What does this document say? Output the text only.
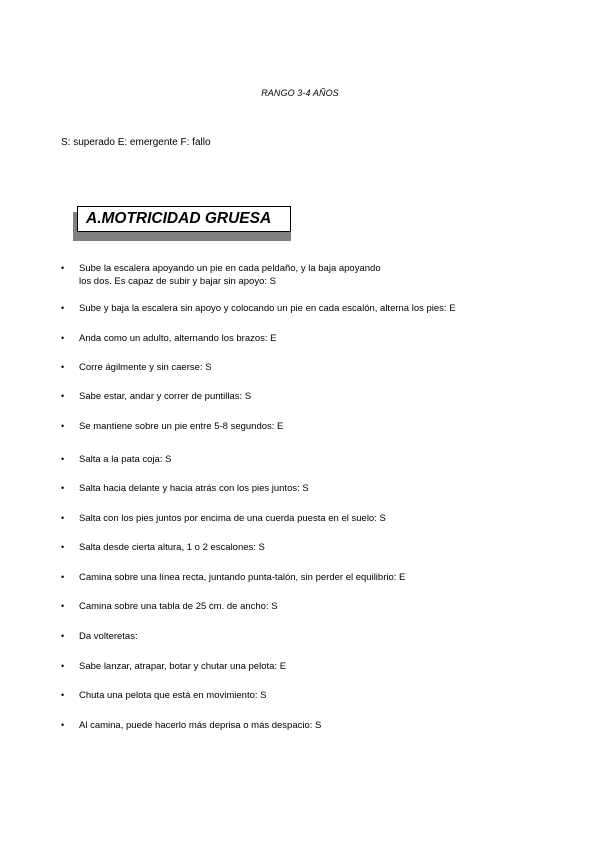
RANGO 3-4 AÑOS
S: superado E: emergente F: fallo
A.MOTRICIDAD GRUESA
• Sube la escalera apoyando un pie en cada peldaño, y la baja apoyando
los dos. Es capaz de subir y bajar sin apoyo: S
• Sube y baja la escalera sin apoyo y colocando un pie en cada escalón, alterna los pies: E
• Anda como un adulto, alternando los brazos: E
• Corre ágilmente y sin caerse: S
• Sabe estar, andar y correr de puntillas: S
• Se mantiene sobre un pie entre 5-8 segundos: E
• Salta a la pata coja: S
• Salta hacia delante y hacia atrás con los pies juntos: S
• Salta con los pies juntos por encima de una cuerda puesta en el suelo: S
• Salta desde cierta altura, 1 o 2 escalones: S
• Camina sobre una línea recta, juntando punta-talón, sin perder el equilibrio: E
• Camina sobre una tabla de 25 cm. de ancho: S
• Da volteretas:
• Sabe lanzar, atrapar, botar y chutar una pelota: E
• Chuta una pelota que está en movimiento: S
• Al camina, puede hacerlo más deprisa o más despacio: S
